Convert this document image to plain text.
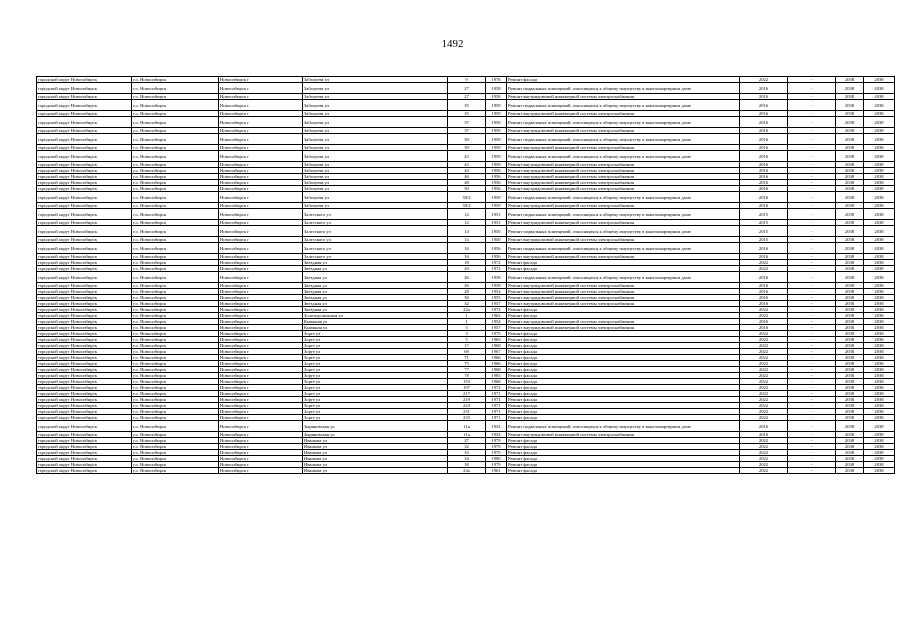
1492
городской округ Новосибирск	г.о. Новосибирск	Новосибирск г	Забалуева ул	9	1976	Ремонт фасада	2022	-	2038	2038
городской округ Новосибирск	г.о. Новосибирск	Новосибирск г	Забалуева ул	27	1958	Ремонт подвальных помещений, относящихся к общему имуществу в многоквартирном доме	2016	-	2038	2038
городской округ Новосибирск	г.о. Новосибирск	Новосибирск г	Забалуева ул	27	1958	Ремонт внутридомовой инженерной системы электроснабжения	2016	-	2038	2038
городской округ Новосибирск	г.о. Новосибирск	Новосибирск г	Забалуева ул	35	1959	Ремонт подвальных помещений, относящихся к общему имуществу в многоквартирном доме	2016	-	2038	2038
городской округ Новосибирск	г.о. Новосибирск	Новосибирск г	Забалуева ул	35	1959	Ремонт внутридомовой инженерной системы электроснабжения	2016	-	2038	2038
городской округ Новосибирск	г.о. Новосибирск	Новосибирск г	Забалуева ул	37	1959	Ремонт подвальных помещений, относящихся к общему имуществу в многоквартирном доме	2016	-	2038	2038
городской округ Новосибирск	г.о. Новосибирск	Новосибирск г	Забалуева ул	37	1959	Ремонт внутридомовой инженерной системы электроснабжения	2016	-	2038	2038
городской округ Новосибирск	г.о. Новосибирск	Новосибирск г	Забалуева ул	39	1959	Ремонт подвальных помещений, относящихся к общему имуществу в многоквартирном доме	2016	-	2038	2038
городской округ Новосибирск	г.о. Новосибирск	Новосибирск г	Забалуева ул	39	1959	Ремонт внутридомовой инженерной системы электроснабжения	2016	-	2038	2038
городской округ Новосибирск	г.о. Новосибирск	Новосибирск г	Забалуева ул	43	1959	Ремонт подвальных помещений, относящихся к общему имуществу в многоквартирном доме	2016	-	2038	2038
городской округ Новосибирск	г.о. Новосибирск	Новосибирск г	Забалуева ул	43	1959	Ремонт внутридомовой инженерной системы электроснабжения	2016	-	2038	2038
городской округ Новосибирск	г.о. Новосибирск	Новосибирск г	Забалуева ул	44	1956	Ремонт внутридомовой инженерной системы электроснабжения	2016	-	2038	2038
городской округ Новосибирск	г.о. Новосибирск	Новосибирск г	Забалуева ул	46	1956	Ремонт внутридомовой инженерной системы электроснабжения	2016	-	2038	2038
городской округ Новосибирск	г.о. Новосибирск	Новосибирск г	Забалуева ул	48	1956	Ремонт внутридомовой инженерной системы электроснабжения	2016	-	2038	2038
городской округ Новосибирск	г.о. Новосибирск	Новосибирск г	Забалуева ул	50	1956	Ремонт внутридомовой инженерной системы электроснабжения	2016	-	2038	2038
городской округ Новосибирск	г.о. Новосибирск	Новосибирск г	Забалуева ул	39/2	1959	Ремонт подвальных помещений, относящихся к общему имуществу в многоквартирном доме	2016	-	2038	2038
городской округ Новосибирск	г.о. Новосибирск	Новосибирск г	Забалуева ул	39/2	1959	Ремонт внутридомовой инженерной системы электроснабжения	2016	-	2038	2038
городской округ Новосибирск	г.о. Новосибирск	Новосибирск г	Залесского ул	12	1951	Ремонт подвальных помещений, относящихся к общему имуществу в многоквартирном доме	2015	-	2038	2038
городской округ Новосибирск	г.о. Новосибирск	Новосибирск г	Залесского ул	12	1951	Ремонт внутридомовой инженерной системы электроснабжения	2015	-	2038	2038
городской округ Новосибирск	г.о. Новосибирск	Новосибирск г	Залесского ул	14	1950	Ремонт подвальных помещений, относящихся к общему имуществу в многоквартирном доме	2015	-	2038	2038
городской округ Новосибирск	г.о. Новосибирск	Новосибирск г	Залесского ул	14	1950	Ремонт внутридомовой инженерной системы электроснабжения	2015	-	2038	2038
городской округ Новосибирск	г.о. Новосибирск	Новосибирск г	Залесского ул	16	1956	Ремонт подвальных помещений, относящихся к общему имуществу в многоквартирном доме	2016	-	2038	2038
городской округ Новосибирск	г.о. Новосибирск	Новосибирск г	Залесского ул	16	1956	Ремонт внутридомовой инженерной системы электроснабжения	2016	-	2038	2038
городской округ Новосибирск	г.о. Новосибирск	Новосибирск г	Звездная ул	18	1972	Ремонт фасада	2022	-	2038	2038
городской округ Новосибирск	г.о. Новосибирск	Новосибирск г	Звездная ул	20	1972	Ремонт фасада	2022	-	2038	2038
городской округ Новосибирск	г.о. Новосибирск	Новосибирск г	Звездная ул	26	1958	Ремонт подвальных помещений, относящихся к общему имуществу в многоквартирном доме	2016	-	2038	2038
городской округ Новосибирск	г.о. Новосибирск	Новосибирск г	Звездная ул	26	1958	Ремонт внутридомовой инженерной системы электроснабжения	2016	-	2038	2038
городской округ Новосибирск	г.о. Новосибирск	Новосибирск г	Звездная ул	28	1954	Ремонт внутридомовой инженерной системы электроснабжения	2016	-	2038	2038
городской округ Новосибирск	г.о. Новосибирск	Новосибирск г	Звездная ул	30	1955	Ремонт внутридомовой инженерной системы электроснабжения	2016	-	2038	2038
городской округ Новосибирск	г.о. Новосибирск	Новосибирск г	Звездная ул	32	1957	Ремонт внутридомовой инженерной системы электроснабжения	2016	-	2038	2038
городской округ Новосибирск	г.о. Новосибирск	Новосибирск г	Звездная ул	22а	1972	Ремонт фасада	2022	-	2038	2038
городской округ Новосибирск	г.о. Новосибирск	Новосибирск г	Золотодолинская ул	1	1962	Ремонт фасада	2022	-	2038	2038
городской округ Новосибирск	г.о. Новосибирск	Новосибирск г	Книжная ул	1	1954	Ремонт внутридомовой инженерной системы электроснабжения	2016	-	2038	2038
городской округ Новосибирск	г.о. Новосибирск	Новосибирск г	Книжная ул	3	1957	Ремонт внутридомовой инженерной системы электроснабжения	2016	-	2038	2038
городской округ Новосибирск	г.о. Новосибирск	Новосибирск г	Зорге ул	3	1975	Ремонт фасада	2022	-	2038	2038
городской округ Новосибирск	г.о. Новосибирск	Новосибирск г	Зорге ул	5	1965	Ремонт фасада	2022	-	2038	2038
городской округ Новосибирск	г.о. Новосибирск	Новосибирск г	Зорге ул	17	1968	Ремонт фасада	2022	-	2038	2038
городской округ Новосибирск	г.о. Новосибирск	Новосибирск г	Зорге ул	69	1967	Ремонт фасада	2022	-	2038	2038
городской округ Новосибирск	г.о. Новосибирск	Новосибирск г	Зорге ул	71	1966	Ремонт фасада	2022	-	2038	2038
городской округ Новосибирск	г.о. Новосибирск	Новосибирск г	Зорге ул	75	1966	Ремонт фасада	2022	-	2038	2038
городской округ Новосибирск	г.о. Новосибирск	Новосибирск г	Зорге ул	77	1968	Ремонт фасада	2022	-	2038	2038
городской округ Новосибирск	г.о. Новосибирск	Новосибирск г	Зорге ул	78	1985	Ремонт фасада	2022	-	2038	2038
городской округ Новосибирск	г.о. Новосибирск	Новосибирск г	Зорге ул	153	1968	Ремонт фасада	2022	-	2038	2038
городской округ Новосибирск	г.о. Новосибирск	Новосибирск г	Зорге ул	197	1972	Ремонт фасада	2022	-	2038	2038
городской округ Новосибирск	г.о. Новосибирск	Новосибирск г	Зорге ул	217	1971	Ремонт фасада	2022	-	2038	2038
городской округ Новосибирск	г.о. Новосибирск	Новосибирск г	Зорге ул	219	1971	Ремонт фасада	2022	-	2038	2038
городской округ Новосибирск	г.о. Новосибирск	Новосибирск г	Зорге ул	223	1971	Ремонт фасада	2022	-	2038	2038
городской округ Новосибирск	г.о. Новосибирск	Новосибирск г	Зорге ул	231	1971	Ремонт фасада	2022	-	2038	2038
городской округ Новосибирск	г.о. Новосибирск	Новосибирск г	Зорге ул	233	1971	Ремонт фасада	2022	-	2038	2038
городской округ Новосибирск	г.о. Новосибирск	Новосибирск г	Зыряновская ул	11а	1954	Ремонт подвальных помещений, относящихся к общему имуществу в многоквартирном доме	2016	-	2038	2038
городской округ Новосибирск	г.о. Новосибирск	Новосибирск г	Зыряновская ул	11а	1954	Ремонт внутридомовой инженерной системы электроснабжения	2016	-	2038	2038
городской округ Новосибирск	г.о. Новосибирск	Новосибирск г	Ивашова ул	27	1979	Ремонт фасада	2022	-	2038	2038
городской округ Новосибирск	г.о. Новосибирск	Новосибирск г	Ивашова ул	32	1979	Ремонт фасада	2022	-	2038	2038
городской округ Новосибирск	г.о. Новосибирск	Новосибирск г	Ивашова ул	33	1979	Ремонт фасада	2022	-	2038	2038
городской округ Новосибирск	г.о. Новосибирск	Новосибирск г	Ивашова ул	34	1980	Ремонт фасада	2022	-	2038	2038
городской округ Новосибирск	г.о. Новосибирск	Новосибирск г	Ивашова ул	38	1979	Ремонт фасада	2022	-	2038	2038
городской округ Новосибирск	г.о. Новосибирск	Новосибирск г	Ивашова ул	24а	1961	Ремонт фасада	2022	-	2038	2038
